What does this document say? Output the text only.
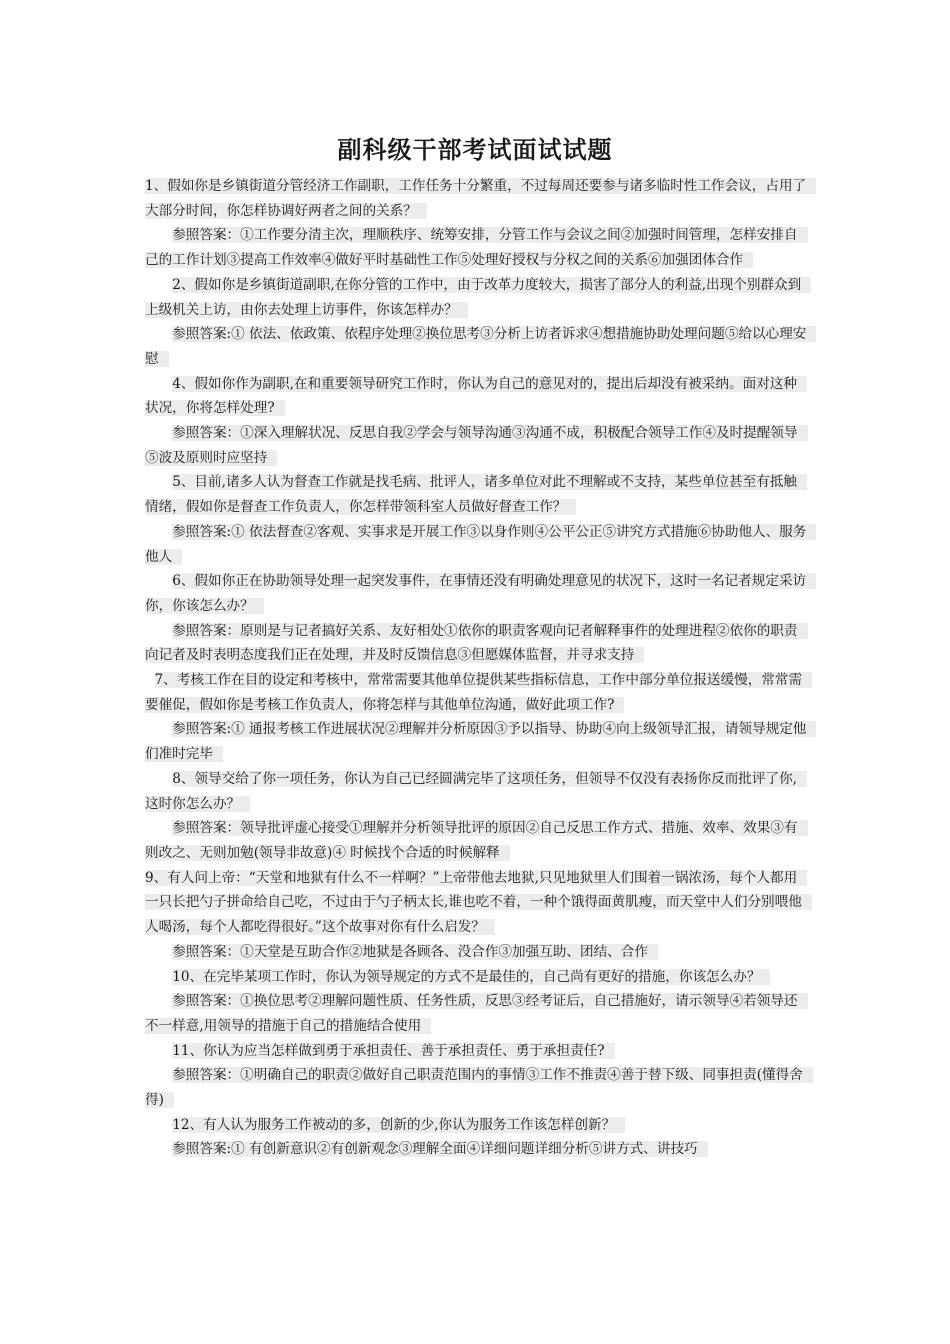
副科级干部考试面试试题

1、假如你是乡镇街道分管经济工作副职，工作任务十分繁重，不过每周还要参与诸多临时性工作会议，占用了大部分时间，你怎样协调好两者之间的关系？

参照答案：①工作要分清主次，理顺秩序、统筹安排，分管工作与会议之间②加强时间管理，怎样安排自己的工作计划③提高工作效率④做好平时基础性工作⑤处理好授权与分权之间的关系⑥加强团体合作

2、假如你是乡镇街道副职,在你分管的工作中，由于改革力度较大，损害了部分人的利益,出现个别群众到上级机关上访，由你去处理上访事件，你该怎样办？

参照答案:① 依法、依政策、依程序处理②换位思考③分析上访者诉求④想措施协助处理问题⑤给以心理安慰

4、假如你作为副职,在和重要领导研究工作时，你认为自己的意见对的，提出后却没有被采纳。面对这种状况，你将怎样处理?

参照答案：①深入理解状况、反思自我②学会与领导沟通③沟通不成，积极配合领导工作④及时提醒领导⑤波及原则时应坚持

5、目前,诸多人认为督查工作就是找毛病、批评人，诸多单位对此不理解或不支持，某些单位甚至有抵触情绪，假如你是督查工作负责人，你怎样带领科室人员做好督查工作？

参照答案:① 依法督查②客观、实事求是开展工作③以身作则④公平公正⑤讲究方式措施⑥协助他人、服务他人

6、假如你正在协助领导处理一起突发事件，在事情还没有明确处理意见的状况下，这时一名记者规定采访你，你该怎么办？

参照答案：原则是与记者搞好关系、友好相处①依你的职责客观向记者解释事件的处理进程②依你的职责向记者及时表明态度我们正在处理，并及时反馈信息③但愿媒体监督，并寻求支持

7、考核工作在目的设定和考核中，常常需要其他单位提供某些指标信息，工作中部分单位报送缓慢，常常需要催促，假如你是考核工作负责人，你将怎样与其他单位沟通，做好此项工作?

参照答案:① 通报考核工作进展状况②理解并分析原因③予以指导、协助④向上级领导汇报，请领导规定他们准时完毕

8、领导交给了你一项任务，你认为自己已经圆满完毕了这项任务，但领导不仅没有表扬你反而批评了你,这时你怎么办？

参照答案：领导批评虚心接受①理解并分析领导批评的原因②自己反思工作方式、措施、效率、效果③有则改之、无则加勉(领导非故意)④ 时候找个合适的时候解释

9、有人问上帝：“天堂和地狱有什么不一样啊？”上帝带他去地狱,只见地狱里人们围着一锅浓汤，每个人都用一只长把勺子拼命给自己吃，不过由于勺子柄太长,谁也吃不着，一种个饿得面黄肌瘦，而天堂中人们分别喂他人喝汤，每个人都吃得很好。”这个故事对你有什么启发？

参照答案：①天堂是互助合作②地狱是各顾各、没合作③加强互助、团结、合作

10、在完毕某项工作时，你认为领导规定的方式不是最佳的，自己尚有更好的措施，你该怎么办？

参照答案：①换位思考②理解问题性质、任务性质，反思③经考证后，自己措施好，请示领导④若领导还不一样意,用领导的措施于自己的措施结合使用

11、你认为应当怎样做到勇于承担责任、善于承担责任、勇于承担责任?

参照答案：①明确自己的职责②做好自己职责范围内的事情③工作不推责④善于替下级、同事担责(懂得舍得)

12、有人认为服务工作被动的多，创新的少,你认为服务工作该怎样创新？

参照答案:① 有创新意识②有创新观念③理解全面④详细问题详细分析⑤讲方式、讲技巧
